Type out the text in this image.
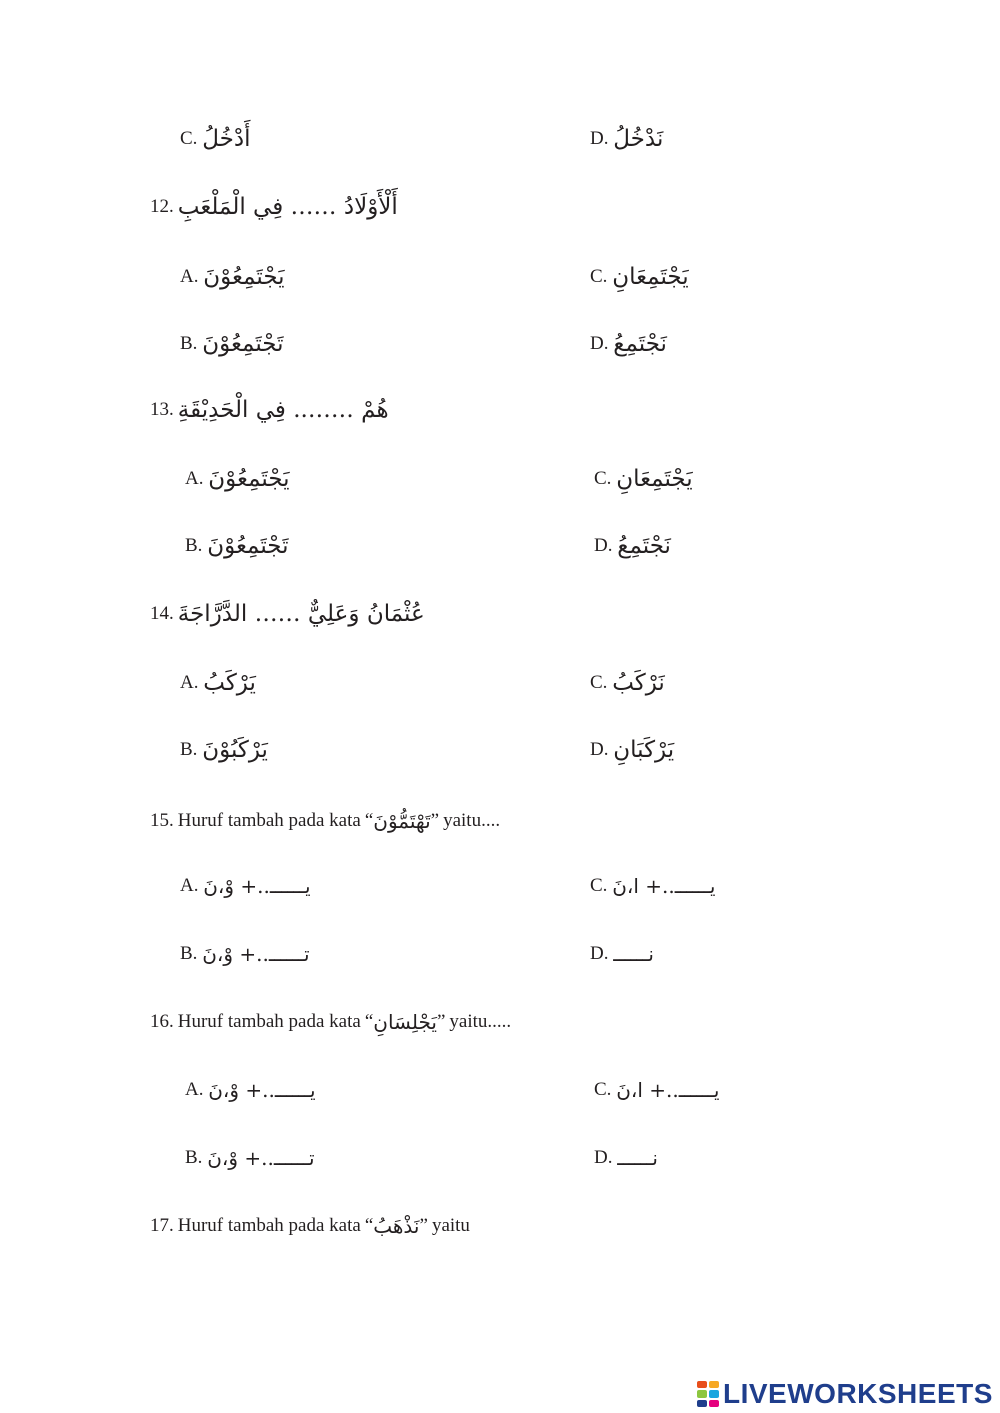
C. أَدْخُلُ	D. نَدْخُلُ
12. أَلْأَوْلَادُ …… فِي الْمَلْعَبِ
A. يَجْتَمِعُوْنَ	C. يَجْتَمِعَانِ
B. تَجْتَمِعُوْنَ	D. نَجْتَمِعُ
13. هُمْ …….. فِي الْحَدِيْقَةِ
A. يَجْتَمِعُوْنَ	C. يَجْتَمِعَانِ
B. تَجْتَمِعُوْنَ	D. نَجْتَمِعُ
14. عُثْمَانُ وَعَلِيٌّ …… الدَّرَّاجَةَ
A. يَرْكَبُ	C. نَرْكَبُ
B. يَرْكَبُوْنَ	D. يَرْكَبَانِ
15. Huruf tambah pada kata “تَهْتَمُّوْنَ” yaitu....
A. يــــــ..+ وْ،نَ	C. يــــــ..+ ا،نَ
B. تــــــ..+ وْ،نَ	D. نــــــ
16. Huruf tambah pada kata “يَجْلِسَانِ” yaitu.....
A. يــــــ..+ وْ،نَ	C. يــــــ..+ ا،نَ
B. تــــــ..+ وْ،نَ	D. نــــــ
17. Huruf tambah pada kata “نَذْهَبُ” yaitu
LIVEWORKSHEETS
